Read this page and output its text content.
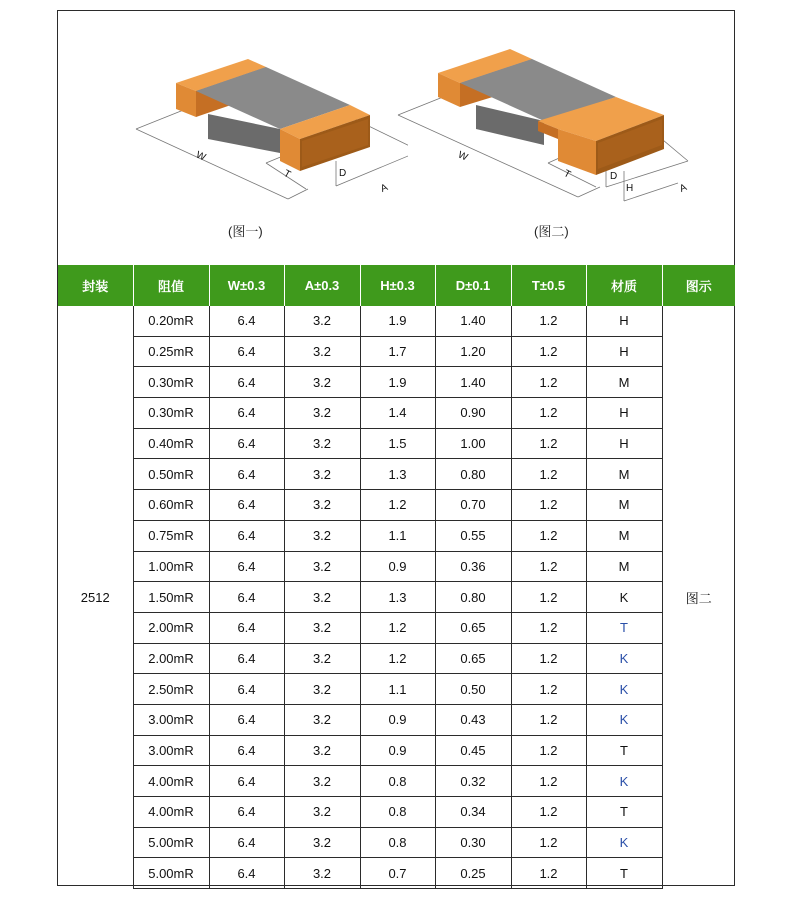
W
T	D
A
(图一)
W
T	D
H	A
(图二)
封装	阻值	W±0.3	A±0.3	H±0.3	D±0.1	T±0.5	材质	图示
2512	0.20mR	6.4	3.2	1.9	1.40	1.2	H	图二
	0.25mR	6.4	3.2	1.7	1.20	1.2	H	
	0.30mR	6.4	3.2	1.9	1.40	1.2	M	
	0.30mR	6.4	3.2	1.4	0.90	1.2	H	
	0.40mR	6.4	3.2	1.5	1.00	1.2	H	
	0.50mR	6.4	3.2	1.3	0.80	1.2	M	
	0.60mR	6.4	3.2	1.2	0.70	1.2	M	
	0.75mR	6.4	3.2	1.1	0.55	1.2	M	
	1.00mR	6.4	3.2	0.9	0.36	1.2	M	
	1.50mR	6.4	3.2	1.3	0.80	1.2	K	
	2.00mR	6.4	3.2	1.2	0.65	1.2	T	
	2.00mR	6.4	3.2	1.2	0.65	1.2	K	
	2.50mR	6.4	3.2	1.1	0.50	1.2	K	
	3.00mR	6.4	3.2	0.9	0.43	1.2	K	
	3.00mR	6.4	3.2	0.9	0.45	1.2	T	
	4.00mR	6.4	3.2	0.8	0.32	1.2	K	
	4.00mR	6.4	3.2	0.8	0.34	1.2	T	
	5.00mR	6.4	3.2	0.8	0.30	1.2	K	
	5.00mR	6.4	3.2	0.7	0.25	1.2	T	
